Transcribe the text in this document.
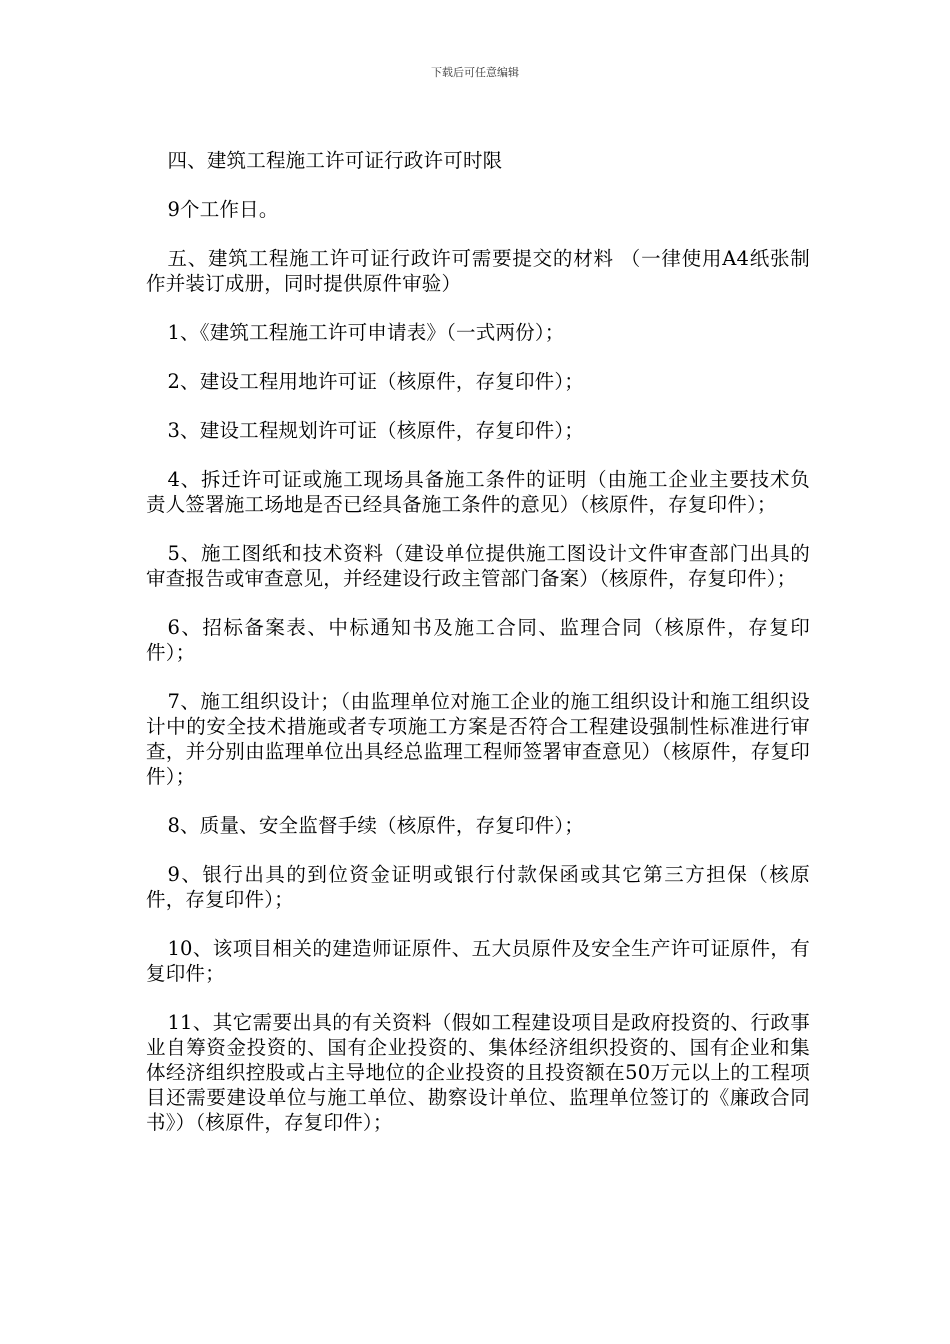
下载后可任意编辑

四、建筑工程施工许可证行政许可时限

9个工作日。

五、建筑工程施工许可证行政许可需要提交的材料 （一律使用A4纸张制作并装订成册，同时提供原件审验）

1、《建筑工程施工许可申请表》（一式两份）；

2、建设工程用地许可证（核原件，存复印件）；

3、建设工程规划许可证（核原件，存复印件）；

4、拆迁许可证或施工现场具备施工条件的证明（由施工企业主要技术负责人签署施工场地是否已经具备施工条件的意见）（核原件，存复印件）；

5、施工图纸和技术资料（建设单位提供施工图设计文件审查部门出具的审查报告或审查意见，并经建设行政主管部门备案）（核原件，存复印件）；

6、招标备案表、中标通知书及施工合同、监理合同（核原件，存复印件）；

7、施工组织设计；（由监理单位对施工企业的施工组织设计和施工组织设计中的安全技术措施或者专项施工方案是否符合工程建设强制性标准进行审查，并分别由监理单位出具经总监理工程师签署审查意见）（核原件，存复印件）；

8、质量、安全监督手续（核原件，存复印件）；

9、银行出具的到位资金证明或银行付款保函或其它第三方担保（核原件，存复印件）；

10、该项目相关的建造师证原件、五大员原件及安全生产许可证原件，有复印件；

11、其它需要出具的有关资料（假如工程建设项目是政府投资的、行政事业自筹资金投资的、国有企业投资的、集体经济组织投资的、国有企业和集体经济组织控股或占主导地位的企业投资的且投资额在50万元以上的工程项目还需要建设单位与施工单位、勘察设计单位、监理单位签订的《廉政合同书》）（核原件，存复印件）；
